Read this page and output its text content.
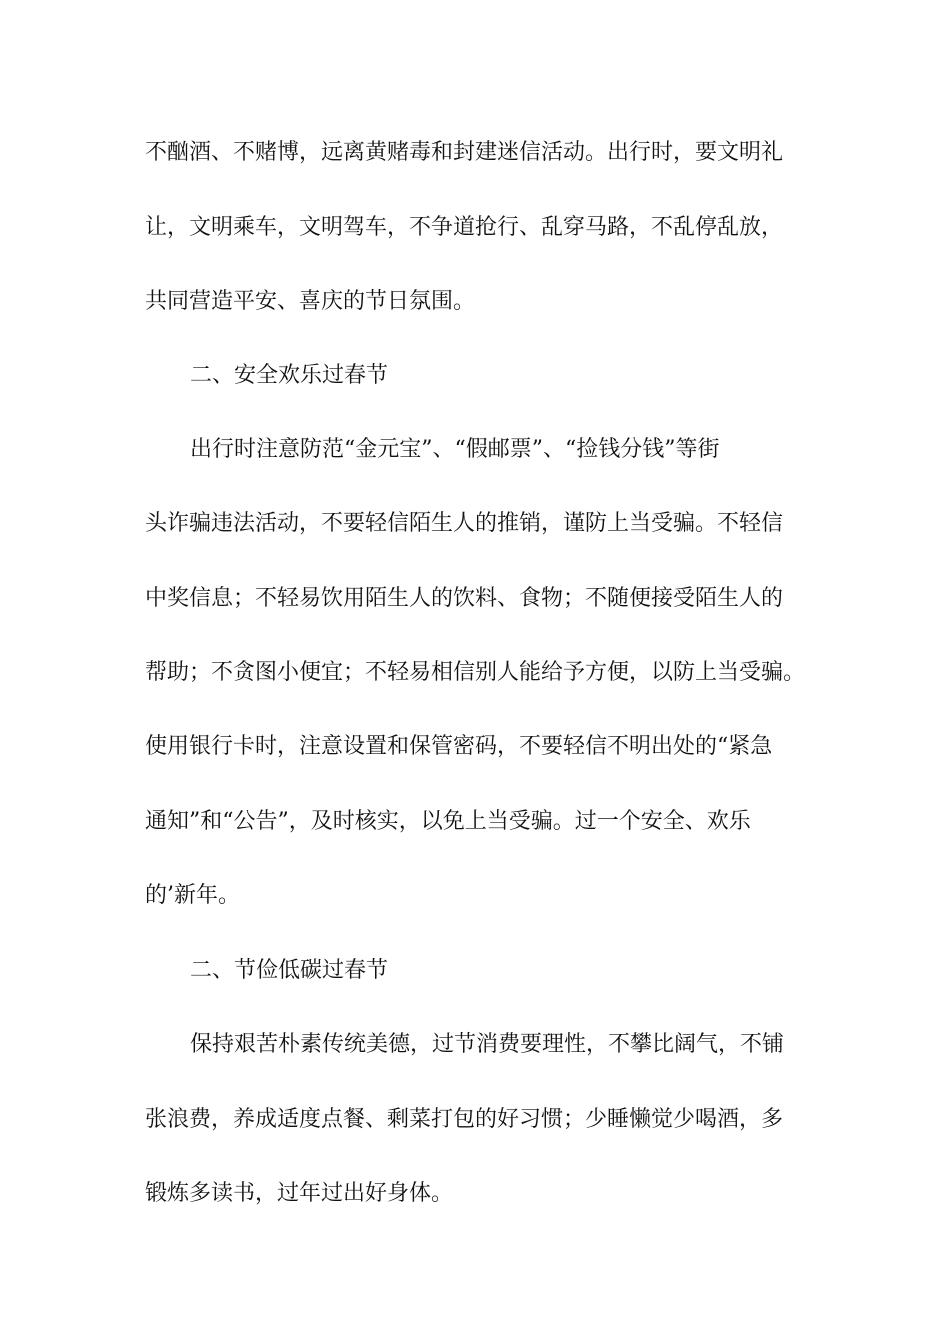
不酗酒、不赌博，远离黄赌毒和封建迷信活动。出行时，要文明礼
让，文明乘车，文明驾车，不争道抢行、乱穿马路，不乱停乱放，
共同营造平安、喜庆的节日氛围。
二、安全欢乐过春节
出行时注意防范“金元宝”、“假邮票”、“捡钱分钱”等街
头诈骗违法活动，不要轻信陌生人的推销，谨防上当受骗。不轻信
中奖信息；不轻易饮用陌生人的饮料、食物；不随便接受陌生人的
帮助；不贪图小便宜；不轻易相信别人能给予方便，以防上当受骗。
使用银行卡时，注意设置和保管密码，不要轻信不明出处的“紧急
通知”和“公告”，及时核实，以免上当受骗。过一个安全、欢乐
的’新年。
二、节俭低碳过春节
保持艰苦朴素传统美德，过节消费要理性，不攀比阔气，不铺
张浪费，养成适度点餐、剩菜打包的好习惯；少睡懒觉少喝酒，多
锻炼多读书，过年过出好身体。
